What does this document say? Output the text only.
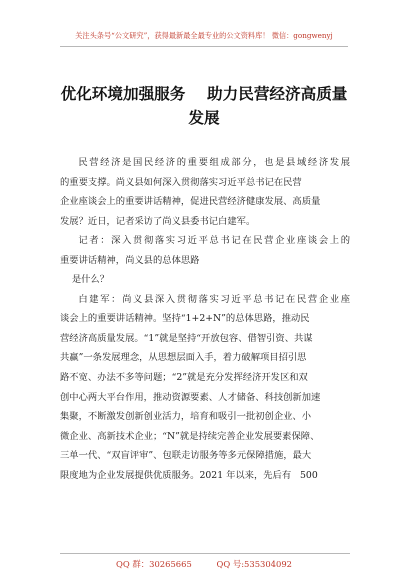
关注头条号“公文研究”，获得最新最全最专业的公文资料库！ 微信：gongwenyj
优化环境加强服务    助力民营经济高质量
发展
民营经济是国民经济的重要组成部分，也是县域经济发展
的重要支撑。尚义县如何深入贯彻落实习近平总书记在民营
企业座谈会上的重要讲话精神，促进民营经济健康发展、高质量
发展？近日，记者采访了尚义县委书记白建军。
记者：深入贯彻落实习近平总书记在民营企业座谈会上的
重要讲话精神，尚义县的总体思路
是什么？
白建军：尚义县深入贯彻落实习近平总书记在民营企业座
谈会上的重要讲话精神。坚持“1+2+N”的总体思路，推动民
营经济高质量发展。“1”就是坚持“开放包容、借智引资、共谋
共赢”一条发展理念，从思想层面入手，着力破解项目招引思
路不宽、办法不多等问题；“2”就是充分发挥经济开发区和双
创中心两大平台作用，推动资源要素、人才储备、科技创新加速
集聚，不断激发创新创业活力，培育和吸引一批初创企业、小
微企业、高新技术企业；“N”就是持续完善企业发展要素保障、
三单一代、“双盲评审”、包联走访服务等多元保障措施，最大
限度地为企业发展提供优质服务。2021 年以来，先后有   500
QQ 群：30265665	QQ 号:535304092
